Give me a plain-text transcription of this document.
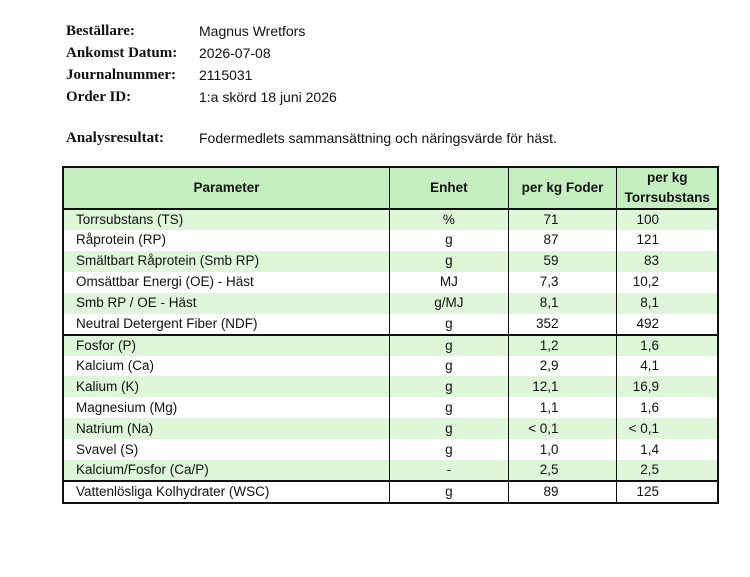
Beställare:	Magnus Wretfors
Ankomst Datum:	2026-07-08
Journalnummer:	2115031
Order ID:	1:a skörd 18 juni 2026
Analysresultat:	Fodermedlets sammansättning och näringsvärde för häst.
Parameter	Enhet	per kg Foder	per kg Torrsubstans
Torrsubstans (TS)	%	71	100
Råprotein (RP)	g	87	121
Smältbart Råprotein (Smb RP)	g	59	83
Omsättbar Energi (OE) - Häst	MJ	7,3	10,2
Smb RP / OE - Häst	g/MJ	8,1	8,1
Neutral Detergent Fiber (NDF)	g	352	492
Fosfor (P)	g	1,2	1,6
Kalcium (Ca)	g	2,9	4,1
Kalium (K)	g	12,1	16,9
Magnesium (Mg)	g	1,1	1,6
Natrium (Na)	g	< 0,1	< 0,1
Svavel (S)	g	1,0	1,4
Kalcium/Fosfor (Ca/P)	-	2,5	2,5
Vattenlösliga Kolhydrater (WSC)	g	89	125
